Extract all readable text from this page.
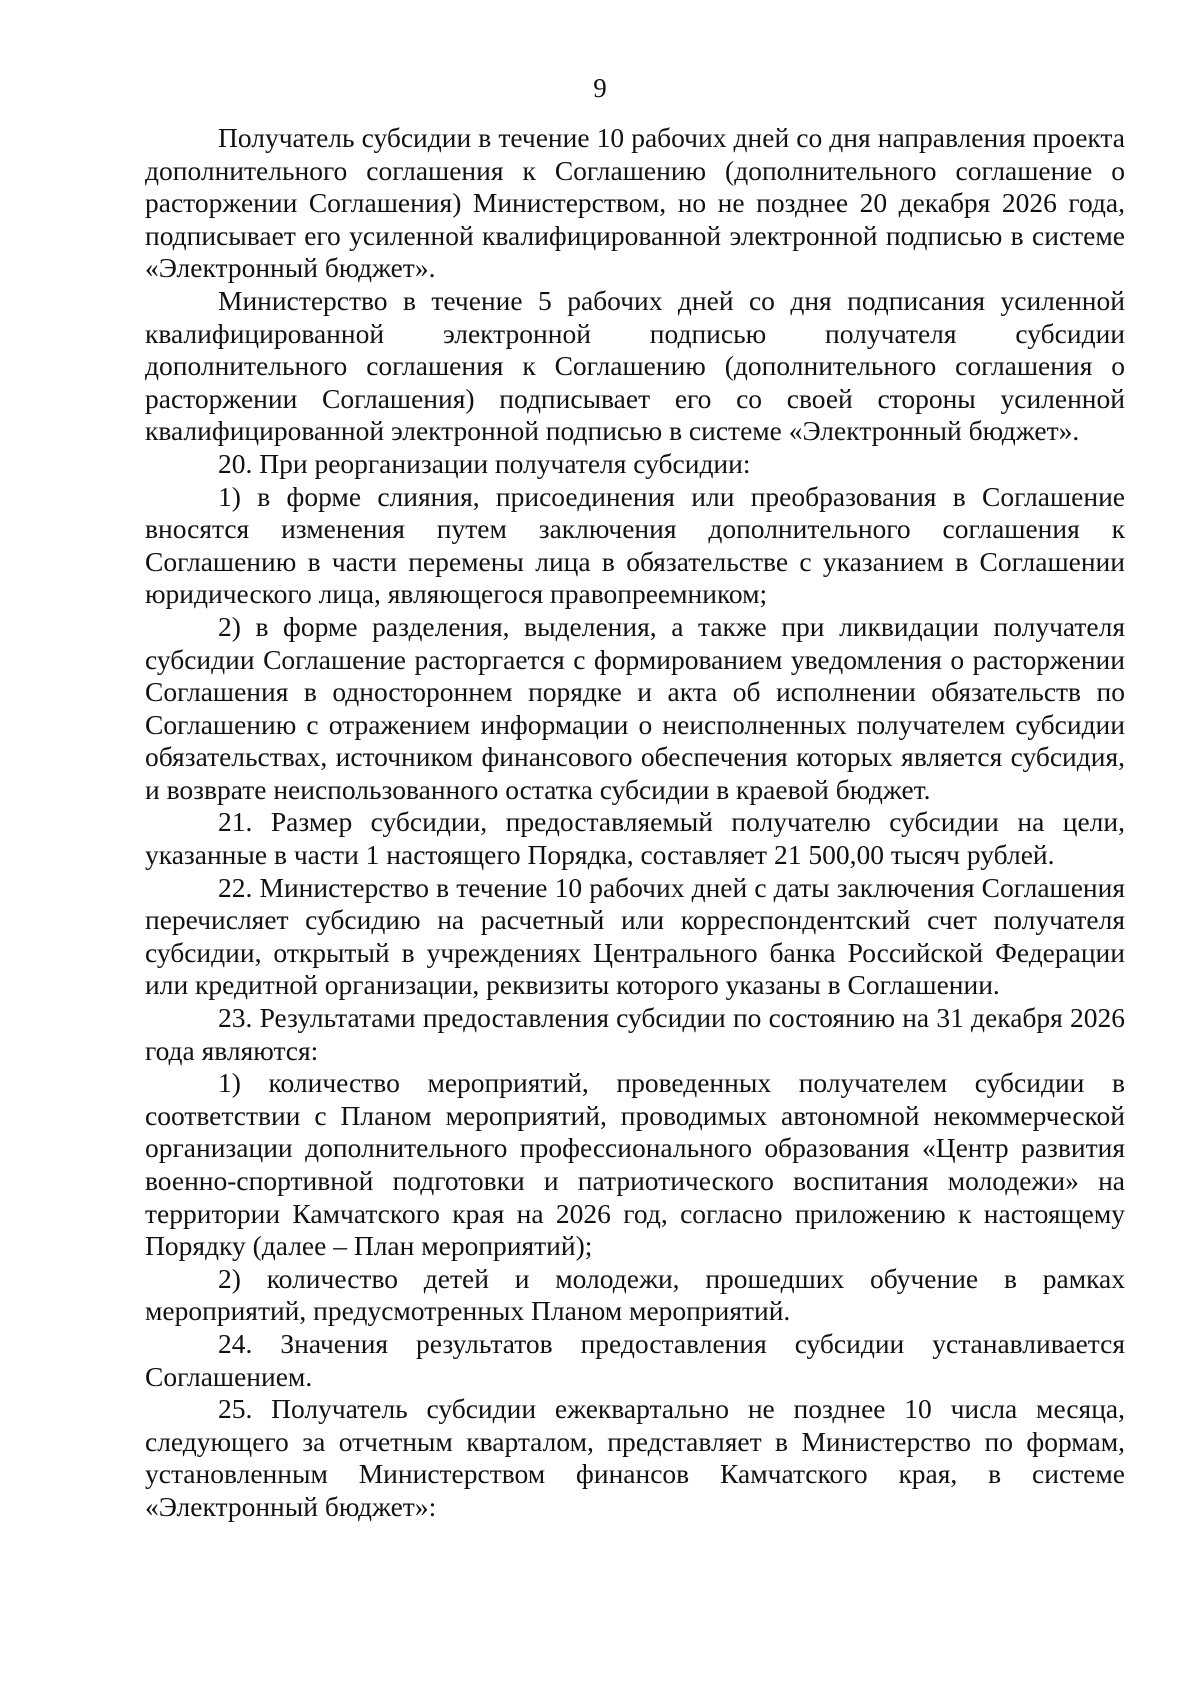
9

Получатель субсидии в течение 10 рабочих дней со дня направления проекта дополнительного соглашения к Соглашению (дополнительного соглашение о расторжении Соглашения) Министерством, но не позднее 20 декабря 2026 года, подписывает его усиленной квалифицированной электронной подписью в системе «Электронный бюджет».

Министерство в течение 5 рабочих дней со дня подписания усиленной квалифицированной электронной подписью получателя субсидии дополнительного соглашения к Соглашению (дополнительного соглашения о расторжении Соглашения) подписывает его со своей стороны усиленной квалифицированной электронной подписью в системе «Электронный бюджет».

20. При реорганизации получателя субсидии:

1) в форме слияния, присоединения или преобразования в Соглашение вносятся изменения путем заключения дополнительного соглашения к Соглашению в части перемены лица в обязательстве с указанием в Соглашении юридического лица, являющегося правопреемником;

2) в форме разделения, выделения, а также при ликвидации получателя субсидии Соглашение расторгается с формированием уведомления о расторжении Соглашения в одностороннем порядке и акта об исполнении обязательств по Соглашению с отражением информации о неисполненных получателем субсидии обязательствах, источником финансового обеспечения которых является субсидия, и возврате неиспользованного остатка субсидии в краевой бюджет.

21. Размер субсидии, предоставляемый получателю субсидии на цели, указанные в части 1 настоящего Порядка, составляет 21 500,00 тысяч рублей.

22. Министерство в течение 10 рабочих дней с даты заключения Соглашения перечисляет субсидию на расчетный или корреспондентский счет получателя субсидии, открытый в учреждениях Центрального банка Российской Федерации или кредитной организации, реквизиты которого указаны в Соглашении.

23. Результатами предоставления субсидии по состоянию на 31 декабря 2026 года являются:

1) количество мероприятий, проведенных получателем субсидии в соответствии с Планом мероприятий, проводимых автономной некоммерческой организации дополнительного профессионального образования «Центр развития военно-спортивной подготовки и патриотического воспитания молодежи» на территории Камчатского края на 2026 год, согласно приложению к настоящему Порядку (далее – План мероприятий);

2) количество детей и молодежи, прошедших обучение в рамках мероприятий, предусмотренных Планом мероприятий.

24. Значения результатов предоставления субсидии устанавливается Соглашением.

25. Получатель субсидии ежеквартально не позднее 10 числа месяца, следующего за отчетным кварталом, представляет в Министерство по формам, установленным Министерством финансов Камчатского края, в системе «Электронный бюджет»:
